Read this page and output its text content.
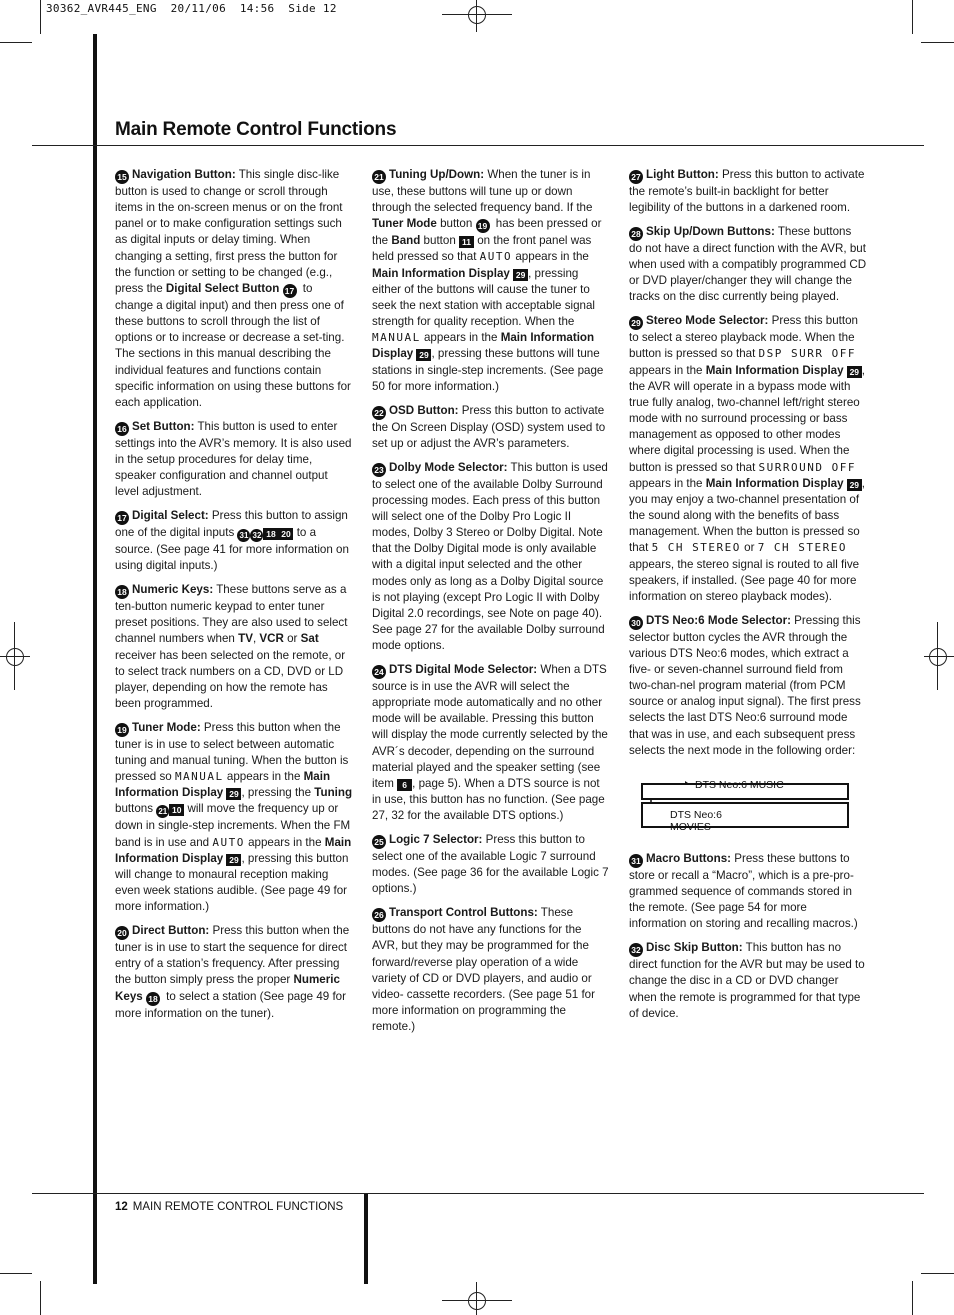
30362_AVR445_ENG  20/11/06  14:56  Side 12
Main Remote Control Functions

15 Navigation Button: This single disc-like button is used to change or scroll through items in the on-screen menus or on the front panel or to make configuration settings such as digital inputs or delay timing. When changing a setting, first press the button for the function or setting to be changed (e.g., press the Digital Select Button 17 to change a digital input) and then press one of these buttons to scroll through the list of options or to increase or decrease a set-ting. The sections in this manual describing the individual features and functions contain specific information on using these buttons for each application.

16 Set Button: This button is used to enter settings into the AVR’s memory. It is also used in the setup procedures for delay time, speaker configuration and channel output level adjustment.

17 Digital Select: Press this button to assign one of the digital inputs 31 32 18 20 to a source. (See page 41 for more information on using digital inputs.)

18 Numeric Keys: These buttons serve as a ten-button numeric keypad to enter tuner preset positions. They are also used to select channel numbers when TV, VCR or Sat receiver has been selected on the remote, or to select track numbers on a CD, DVD or LD player, depending on how the remote has been programmed.

19 Tuner Mode: Press this button when the tuner is in use to select between automatic tuning and manual tuning. When the button is pressed so MANUAL appears in the Main Information Display 29 , pressing the Tuning buttons 21 10 will move the frequency up or down in single-step increments. When the FM band is in use and AUTO appears in the Main Information Display 29 , pressing this button will change to monaural reception making even week stations audible. (See page 49 for more information.)

20 Direct Button: Press this button when the tuner is in use to start the sequence for direct entry of a station’s frequency. After pressing the button simply press the proper Numeric Keys 18 to select a station (See page 49 for more information on the tuner).

21 Tuning Up/Down: When the tuner is in use, these buttons will tune up or down through the selected frequency band. If the Tuner Mode button 19 has been pressed or the Band button 11 on the front panel was held pressed so that AUTO appears in the Main Information Display 29 , pressing either of the buttons will cause the tuner to seek the next station with acceptable signal strength for quality reception. When the MANUAL appears in the Main Information Display 29 , pressing these buttons will tune stations in single-step increments. (See page 50 for more information.)

22 OSD Button: Press this button to activate the On Screen Display (OSD) system used to set up or adjust the AVR’s parameters.

23 Dolby Mode Selector: This button is used to select one of the available Dolby Surround processing modes. Each press of this button will select one of the Dolby Pro Logic II modes, Dolby 3 Stereo or Dolby Digital. Note that the Dolby Digital mode is only available with a digital input selected and the other modes only as long as a Dolby Digital source is not playing (except Pro Logic II with Dolby Digital 2.0 recordings, see Note on page 40). See page 27 for the available Dolby surround mode options.

24 DTS Digital Mode Selector: When a DTS source is in use the AVR will select the appropriate mode automatically and no other mode will be available. Pressing this button will display the mode currently selected by the AVR´s decoder, depending on the surround material played and the speaker setting (see item 6 , page 5). When a DTS source is not in use, this button has no function. (See page 27, 32 for the available DTS options.)

25 Logic 7 Selector: Press this button to select one of the available Logic 7 surround modes. (See page 36 for the available Logic 7 options.)

26 Transport Control Buttons: These buttons do not have any functions for the AVR, but they may be programmed for the forward/reverse play operation of a wide variety of CD or DVD players, and audio or video- cassette recorders. (See page 51 for more information on programming the remote.)

27 Light Button: Press this button to activate the remote’s built-in backlight for better legibility of the buttons in a darkened room.

28 Skip Up/Down Buttons: These buttons do not have a direct function with the AVR, but when used with a compatibly programmed CD or DVD player/changer they will change the tracks on the disc currently being played.

29 Stereo Mode Selector: Press this button to select a stereo playback mode. When the button is pressed so that DSP SURR OFF appears in the Main Information Display 29 , the AVR will operate in a bypass mode with true fully analog, two-channel left/right stereo mode with no surround processing or bass management as opposed to other modes where digital processing is used. When the button is pressed so that SURROUND OFF appears in the Main Information Display 29 , you may enjoy a two-channel presentation of the sound along with the benefits of bass management. When the button is pressed so that 5 CH STEREO or 7 CH STEREO appears, the stereo signal is routed to all five speakers, if installed. (See page 40 for more information on stereo playback modes).

30 DTS Neo:6 Mode Selector: Pressing this selector button cycles the AVR through the various DTS Neo:6 modes, which extract a five- or seven-channel surround field from two-chan-nel program material (from PCM source or analog input signal). The first press selects the last DTS Neo:6 surround mode that was in use, and each subsequent press selects the next mode in the following order:

DTS Neo:6 MUSIC
DTS Neo:6
MOVIES

31 Macro Buttons: Press these buttons to store or recall a “Macro”, which is a pre-pro-grammed sequence of commands stored in the remote. (See page 54 for more information on storing and recalling macros.)

32 Disc Skip Button: This button has no direct function for the AVR but may be used to change the disc in a CD or DVD changer when the remote is programmed for that type of device.

12 MAIN REMOTE CONTROL FUNCTIONS
